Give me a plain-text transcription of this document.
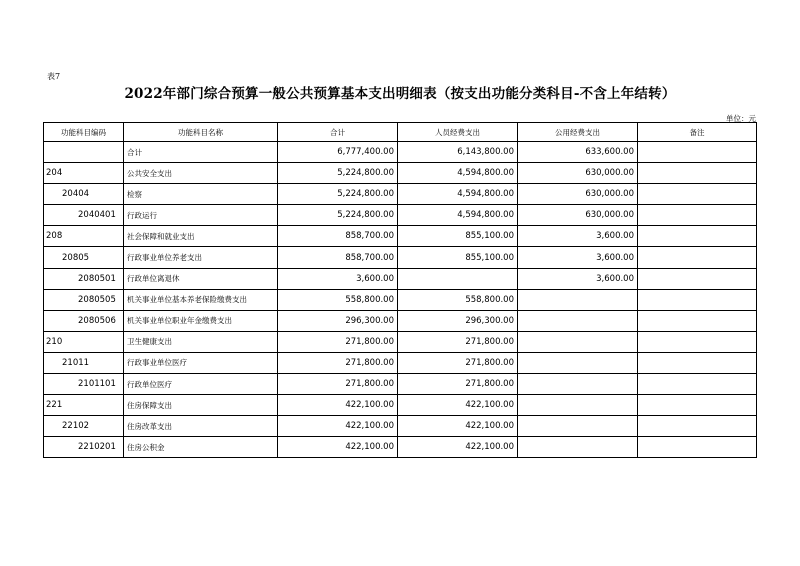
表7
2022年部门综合预算一般公共预算基本支出明细表（按支出功能分类科目-不含上年结转）
单位：元
功能科目编码	功能科目名称	合计	人员经费支出	公用经费支出	备注
	合计	6,777,400.00	6,143,800.00	633,600.00	
204	公共安全支出	5,224,800.00	4,594,800.00	630,000.00	
20404	检察	5,224,800.00	4,594,800.00	630,000.00	
2040401	行政运行	5,224,800.00	4,594,800.00	630,000.00	
208	社会保障和就业支出	858,700.00	855,100.00	3,600.00	
20805	行政事业单位养老支出	858,700.00	855,100.00	3,600.00	
2080501	行政单位离退休	3,600.00		3,600.00	
2080505	机关事业单位基本养老保险缴费支出	558,800.00	558,800.00		
2080506	机关事业单位职业年金缴费支出	296,300.00	296,300.00		
210	卫生健康支出	271,800.00	271,800.00		
21011	行政事业单位医疗	271,800.00	271,800.00		
2101101	行政单位医疗	271,800.00	271,800.00		
221	住房保障支出	422,100.00	422,100.00		
22102	住房改革支出	422,100.00	422,100.00		
2210201	住房公积金	422,100.00	422,100.00		
